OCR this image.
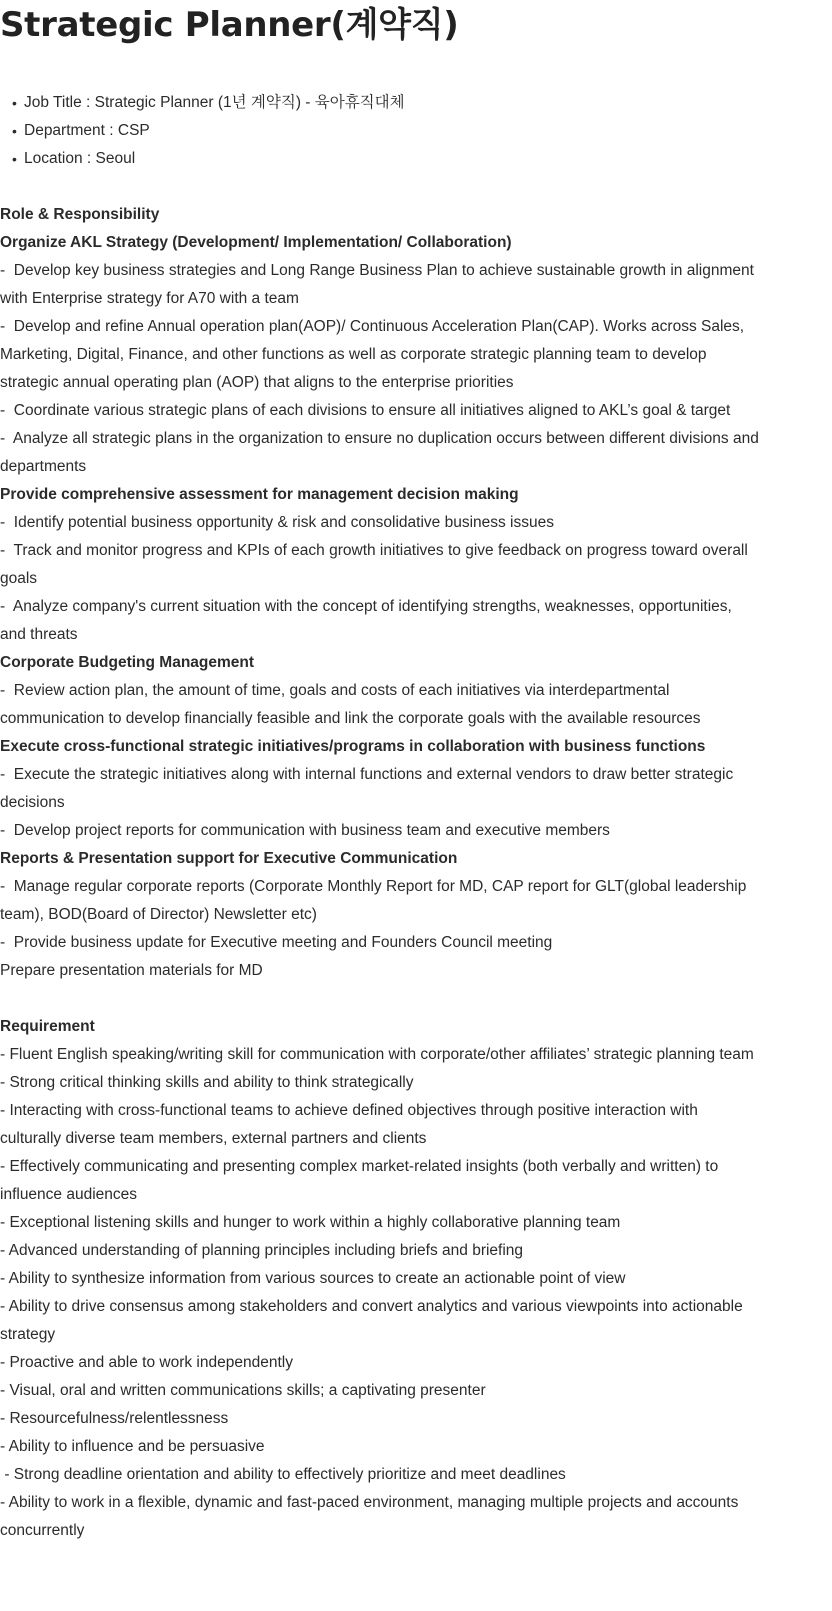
Strategic Planner(계약직)
• Job Title : Strategic Planner (1년 계약직) - 육아휴직대체
• Department : CSP
• Location : Seoul

Role & Responsibility

Organize AKL Strategy (Development/ Implementation/ Collaboration)

-  Develop key business strategies and Long Range Business Plan to achieve sustainable growth in alignment with Enterprise strategy for A70 with a team

-  Develop and refine Annual operation plan(AOP)/ Continuous Acceleration Plan(CAP). Works across Sales, Marketing, Digital, Finance, and other functions as well as corporate strategic planning team to develop strategic annual operating plan (AOP) that aligns to the enterprise priorities

-  Coordinate various strategic plans of each divisions to ensure all initiatives aligned to AKL’s goal & target

-  Analyze all strategic plans in the organization to ensure no duplication occurs between different divisions and departments

Provide comprehensive assessment for management decision making

-  Identify potential business opportunity & risk and consolidative business issues

-  Track and monitor progress and KPIs of each growth initiatives to give feedback on progress toward overall goals

-  Analyze company's current situation with the concept of identifying strengths, weaknesses, opportunities, and threats

Corporate Budgeting Management

-  Review action plan, the amount of time, goals and costs of each initiatives via interdepartmental communication to develop financially feasible and link the corporate goals with the available resources

Execute cross-functional strategic initiatives/programs in collaboration with business functions

-  Execute the strategic initiatives along with internal functions and external vendors to draw better strategic decisions

-  Develop project reports for communication with business team and executive members

Reports & Presentation support for Executive Communication

-  Manage regular corporate reports (Corporate Monthly Report for MD, CAP report for GLT(global leadership team), BOD(Board of Director) Newsletter etc)

-  Provide business update for Executive meeting and Founders Council meeting

Prepare presentation materials for MD

Requirement

- Fluent English speaking/writing skill for communication with corporate/other affiliates’ strategic planning team

- Strong critical thinking skills and ability to think strategically

- Interacting with cross-functional teams to achieve defined objectives through positive interaction with culturally diverse team members, external partners and clients

- Effectively communicating and presenting complex market-related insights (both verbally and written) to influence audiences

- Exceptional listening skills and hunger to work within a highly collaborative planning team

- Advanced understanding of planning principles including briefs and briefing

- Ability to synthesize information from various sources to create an actionable point of view

- Ability to drive consensus among stakeholders and convert analytics and various viewpoints into actionable strategy

- Proactive and able to work independently

- Visual, oral and written communications skills; a captivating presenter

- Resourcefulness/relentlessness

- Ability to influence and be persuasive

- Strong deadline orientation and ability to effectively prioritize and meet deadlines

- Ability to work in a flexible, dynamic and fast-paced environment, managing multiple projects and accounts concurrently
